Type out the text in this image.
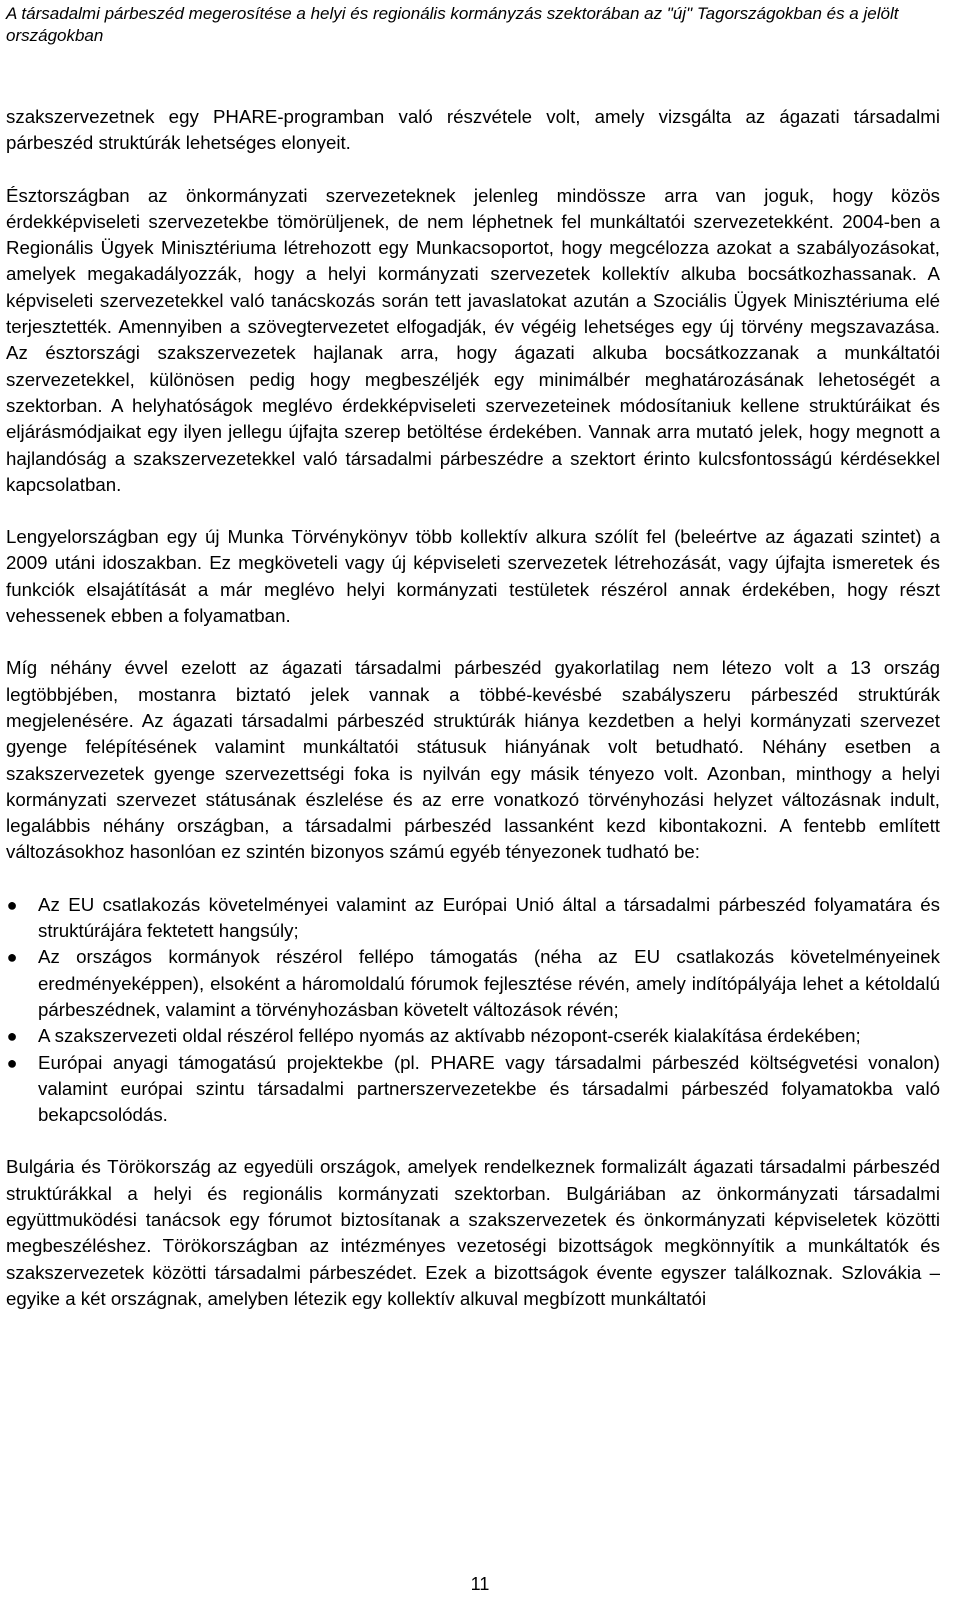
A társadalmi párbeszéd megerosítése a helyi és regionális kormányzás szektorában az "új" Tagországokban és a jelölt országokban

szakszervezetnek egy PHARE-programban való részvétele volt, amely vizsgálta az ágazati társadalmi párbeszéd struktúrák lehetséges elonyeit.

Észtországban az önkormányzati szervezeteknek jelenleg mindössze arra van joguk, hogy közös érdekképviseleti szervezetekbe tömörüljenek, de nem léphetnek fel munkáltatói szervezetekként. 2004-ben a Regionális Ügyek Minisztériuma létrehozott egy Munkacsoportot, hogy megcélozza azokat a szabályozásokat, amelyek megakadályozzák, hogy a helyi kormányzati szervezetek kollektív alkuba bocsátkozhassanak. A képviseleti szervezetekkel való tanácskozás során tett javaslatokat azután a Szociális Ügyek Minisztériuma elé terjesztették. Amennyiben a szövegtervezetet elfogadják, év végéig lehetséges egy új törvény megszavazása. Az észtországi szakszervezetek hajlanak arra, hogy ágazati alkuba bocsátkozzanak a munkáltatói szervezetekkel, különösen pedig hogy megbeszéljék egy minimálbér meghatározásának lehetoségét a szektorban. A helyhatóságok meglévo érdekképviseleti szervezeteinek módosítaniuk kellene struktúráikat és eljárásmódjaikat egy ilyen jellegu újfajta szerep betöltése érdekében. Vannak arra mutató jelek, hogy megnott a hajlandóság a szakszervezetekkel való társadalmi párbeszédre a szektort érinto kulcsfontosságú kérdésekkel kapcsolatban.

Lengyelországban egy új Munka Törvénykönyv több kollektív alkura szólít fel (beleértve az ágazati szintet) a 2009 utáni idoszakban. Ez megköveteli vagy új képviseleti szervezetek létrehozását, vagy újfajta ismeretek és funkciók elsajátítását a már meglévo helyi kormányzati testületek részérol annak érdekében, hogy részt vehessenek ebben a folyamatban.

Míg néhány évvel ezelott az ágazati társadalmi párbeszéd gyakorlatilag nem létezo volt a 13 ország legtöbbjében, mostanra biztató jelek vannak a többé-kevésbé szabályszeru párbeszéd struktúrák megjelenésére. Az ágazati társadalmi párbeszéd struktúrák hiánya kezdetben a helyi kormányzati szervezet gyenge felépítésének valamint munkáltatói státusuk hiányának volt betudható. Néhány esetben a szakszervezetek gyenge szervezettségi foka is nyilván egy másik tényezo volt. Azonban, minthogy a helyi kormányzati szervezet státusának észlelése és az erre vonatkozó törvényhozási helyzet változásnak indult, legalábbis néhány országban, a társadalmi párbeszéd lassanként kezd kibontakozni. A fentebb említett változásokhoz hasonlóan ez szintén bizonyos számú egyéb tényezonek tudható be:

● Az EU csatlakozás követelményei valamint az Európai Unió által a társadalmi párbeszéd folyamatára és struktúrájára fektetett hangsúly;
● Az országos kormányok részérol fellépo támogatás (néha az EU csatlakozás követelményeinek eredményeképpen), elsoként a háromoldalú fórumok fejlesztése révén, amely indítópályája lehet a kétoldalú párbeszédnek, valamint a törvényhozásban követelt változások révén;
● A szakszervezeti oldal részérol fellépo nyomás az aktívabb nézopont-cserék kialakítása érdekében;
● Európai anyagi támogatású projektekbe (pl. PHARE vagy társadalmi párbeszéd költségvetési vonalon) valamint európai szintu társadalmi partnerszervezetekbe és társadalmi párbeszéd folyamatokba való bekapcsolódás.

Bulgária és Törökország az egyedüli országok, amelyek rendelkeznek formalizált ágazati társadalmi párbeszéd struktúrákkal a helyi és regionális kormányzati szektorban. Bulgáriában az önkormányzati társadalmi együttmuködési tanácsok egy fórumot biztosítanak a szakszervezetek és önkormányzati képviseletek közötti megbeszéléshez. Törökországban az intézményes vezetoségi bizottságok megkönnyítik a munkáltatók és szakszervezetek közötti társadalmi párbeszédet. Ezek a bizottságok évente egyszer találkoznak. Szlovákia – egyike a két országnak, amelyben létezik egy kollektív alkuval megbízott munkáltatói

11
